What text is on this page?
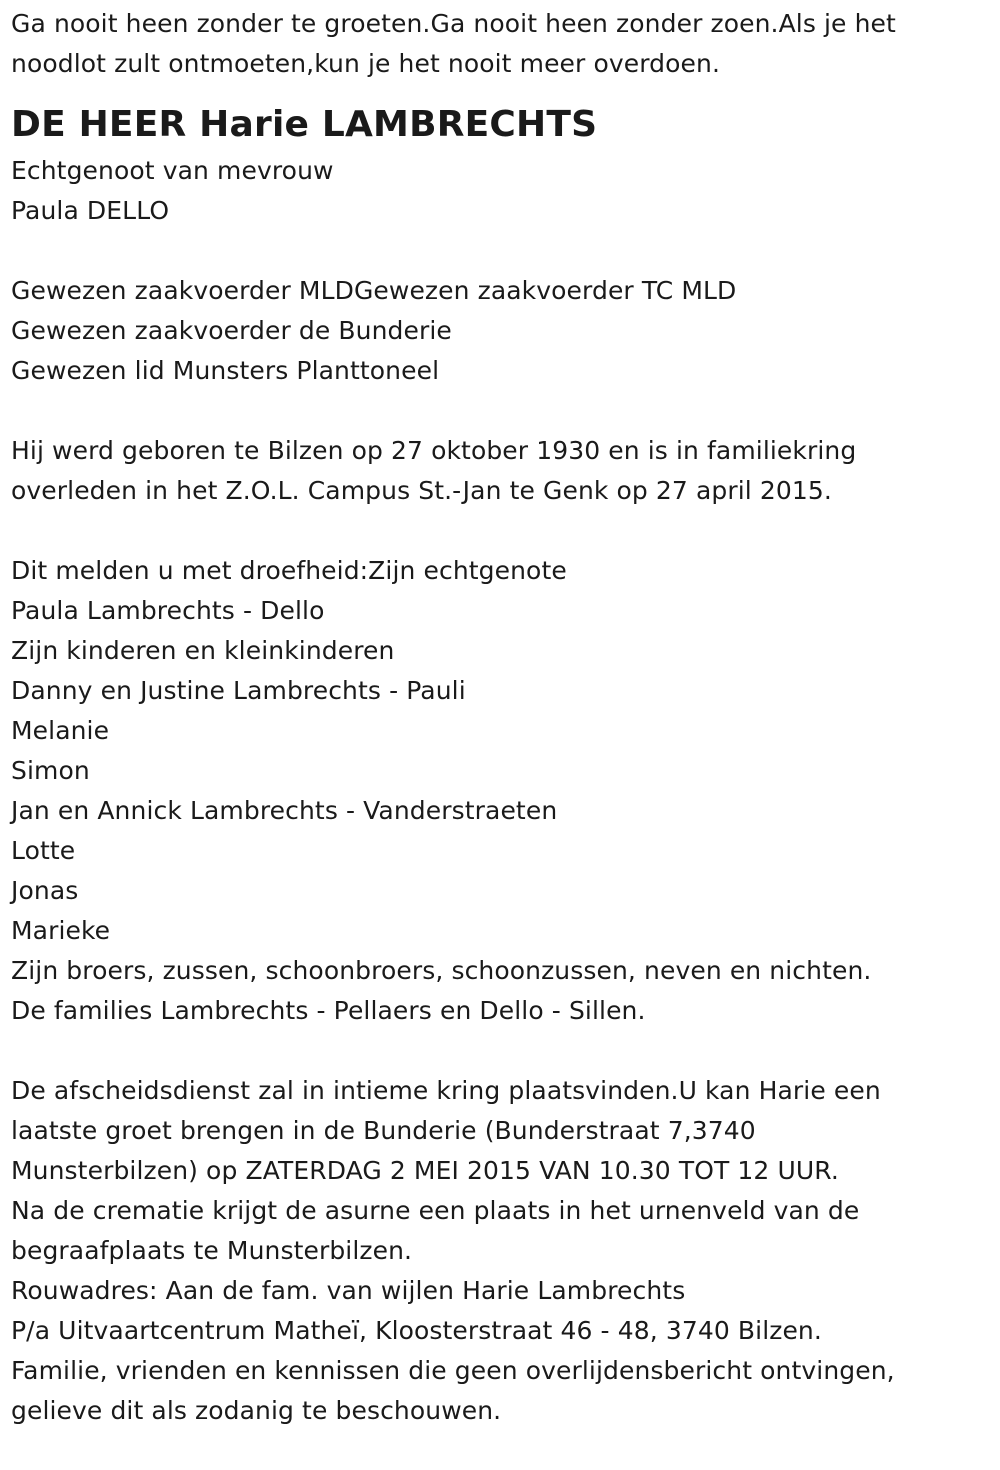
Ga nooit heen zonder te groeten.Ga nooit heen zonder zoen.Als je het
noodlot zult ontmoeten,kun je het nooit meer overdoen.
DE HEER Harie LAMBRECHTS
Echtgenoot van mevrouw
Paula DELLO
Gewezen zaakvoerder MLDGewezen zaakvoerder TC MLD
Gewezen zaakvoerder de Bunderie
Gewezen lid Munsters Planttoneel
Hij werd geboren te Bilzen op 27 oktober 1930 en is in familiekring
overleden in het Z.O.L. Campus St.-Jan te Genk op 27 april 2015.
Dit melden u met droefheid:Zijn echtgenote
Paula Lambrechts - Dello
Zijn kinderen en kleinkinderen
Danny en Justine Lambrechts - Pauli
Melanie
Simon
Jan en Annick Lambrechts - Vanderstraeten
Lotte
Jonas
Marieke
Zijn broers, zussen, schoonbroers, schoonzussen, neven en nichten.
De families Lambrechts - Pellaers en Dello - Sillen.
De afscheidsdienst zal in intieme kring plaatsvinden.U kan Harie een
laatste groet brengen in de Bunderie (Bunderstraat 7,3740
Munsterbilzen) op ZATERDAG 2 MEI 2015 VAN 10.30 TOT 12 UUR.
Na de crematie krijgt de asurne een plaats in het urnenveld van de
begraafplaats te Munsterbilzen.
Rouwadres: Aan de fam. van wijlen Harie Lambrechts
P/a Uitvaartcentrum Matheï, Kloosterstraat 46 - 48, 3740 Bilzen.
Familie, vrienden en kennissen die geen overlijdensbericht ontvingen,
gelieve dit als zodanig te beschouwen.
